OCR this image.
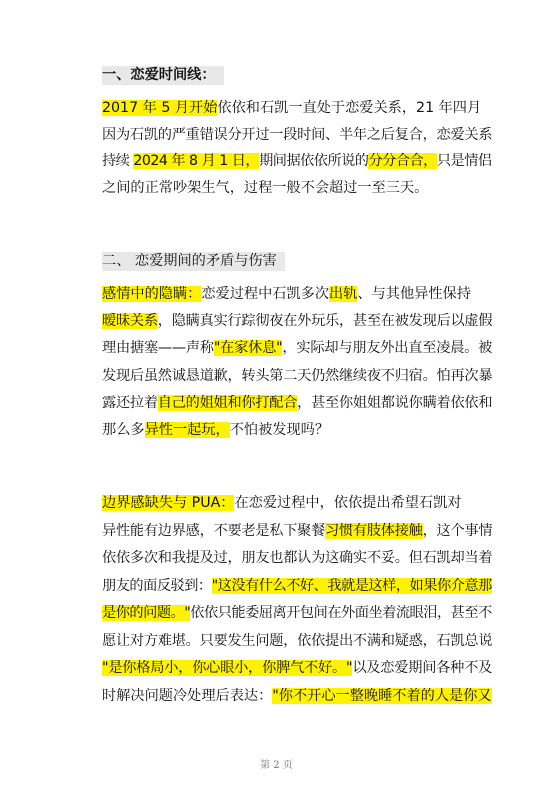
一、恋爱时间线：
2017 年 5 月开始依依和石凯一直处于恋爱关系，21 年四月
因为石凯的严重错误分开过一段时间、半年之后复合，恋爱关系
持续 2024 年 8 月 1 日，期间据依依所说的分分合合，只是情侣
之间的正常吵架生气，过程一般不会超过一至三天。
二、 恋爱期间的矛盾与伤害
感情中的隐瞒：恋爱过程中石凯多次出轨、与其他异性保持
暧昧关系，隐瞒真实行踪彻夜在外玩乐，甚至在被发现后以虚假
理由搪塞——声称"在家休息"，实际却与朋友外出直至凌晨。被
发现后虽然诚恳道歉，转头第二天仍然继续夜不归宿。怕再次暴
露还拉着自己的姐姐和你打配合，甚至你姐姐都说你瞒着依依和
那么多异性一起玩，不怕被发现吗？
边界感缺失与 PUA：在恋爱过程中，依依提出希望石凯对
异性能有边界感，不要老是私下聚餐习惯有肢体接触，这个事情
依依多次和我提及过，朋友也都认为这确实不妥。但石凯却当着
朋友的面反驳到："这没有什么不好、我就是这样，如果你介意那
是你的问题。"依依只能委屈离开包间在外面坐着流眼泪，甚至不
愿让对方难堪。只要发生问题，依依提出不满和疑惑，石凯总说
"是你格局小，你心眼小，你脾气不好。"以及恋爱期间各种不及
时解决问题冷处理后表达："你不开心一整晚睡不着的人是你又
第 2 页
